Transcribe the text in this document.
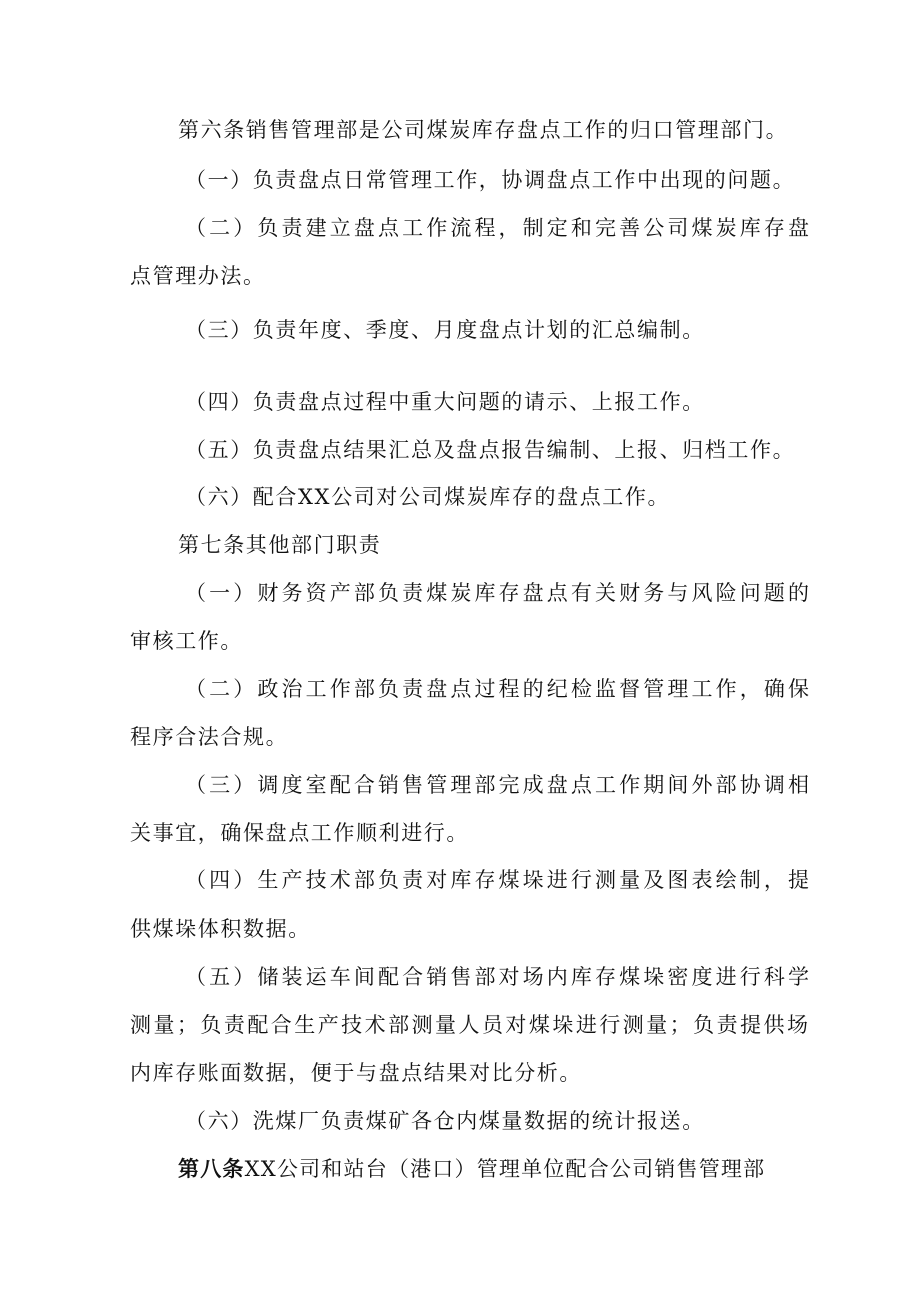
第六条销售管理部是公司煤炭库存盘点工作的归口管理部门。
（一）负责盘点日常管理工作，协调盘点工作中出现的问题。
（二）负责建立盘点工作流程，制定和完善公司煤炭库存盘
点管理办法。
（三）负责年度、季度、月度盘点计划的汇总编制。
（四）负责盘点过程中重大问题的请示、上报工作。
（五）负责盘点结果汇总及盘点报告编制、上报、归档工作。
（六）配合XX公司对公司煤炭库存的盘点工作。
第七条其他部门职责
（一）财务资产部负责煤炭库存盘点有关财务与风险问题的
审核工作。
（二）政治工作部负责盘点过程的纪检监督管理工作，确保
程序合法合规。
（三）调度室配合销售管理部完成盘点工作期间外部协调相
关事宜，确保盘点工作顺利进行。
（四）生产技术部负责对库存煤垛进行测量及图表绘制，提
供煤垛体积数据。
（五）储装运车间配合销售部对场内库存煤垛密度进行科学
测量；负责配合生产技术部测量人员对煤垛进行测量；负责提供场
内库存账面数据，便于与盘点结果对比分析。
（六）洗煤厂负责煤矿各仓内煤量数据的统计报送。
第八条 XX公司和站台（港口）管理单位配合公司销售管理部
